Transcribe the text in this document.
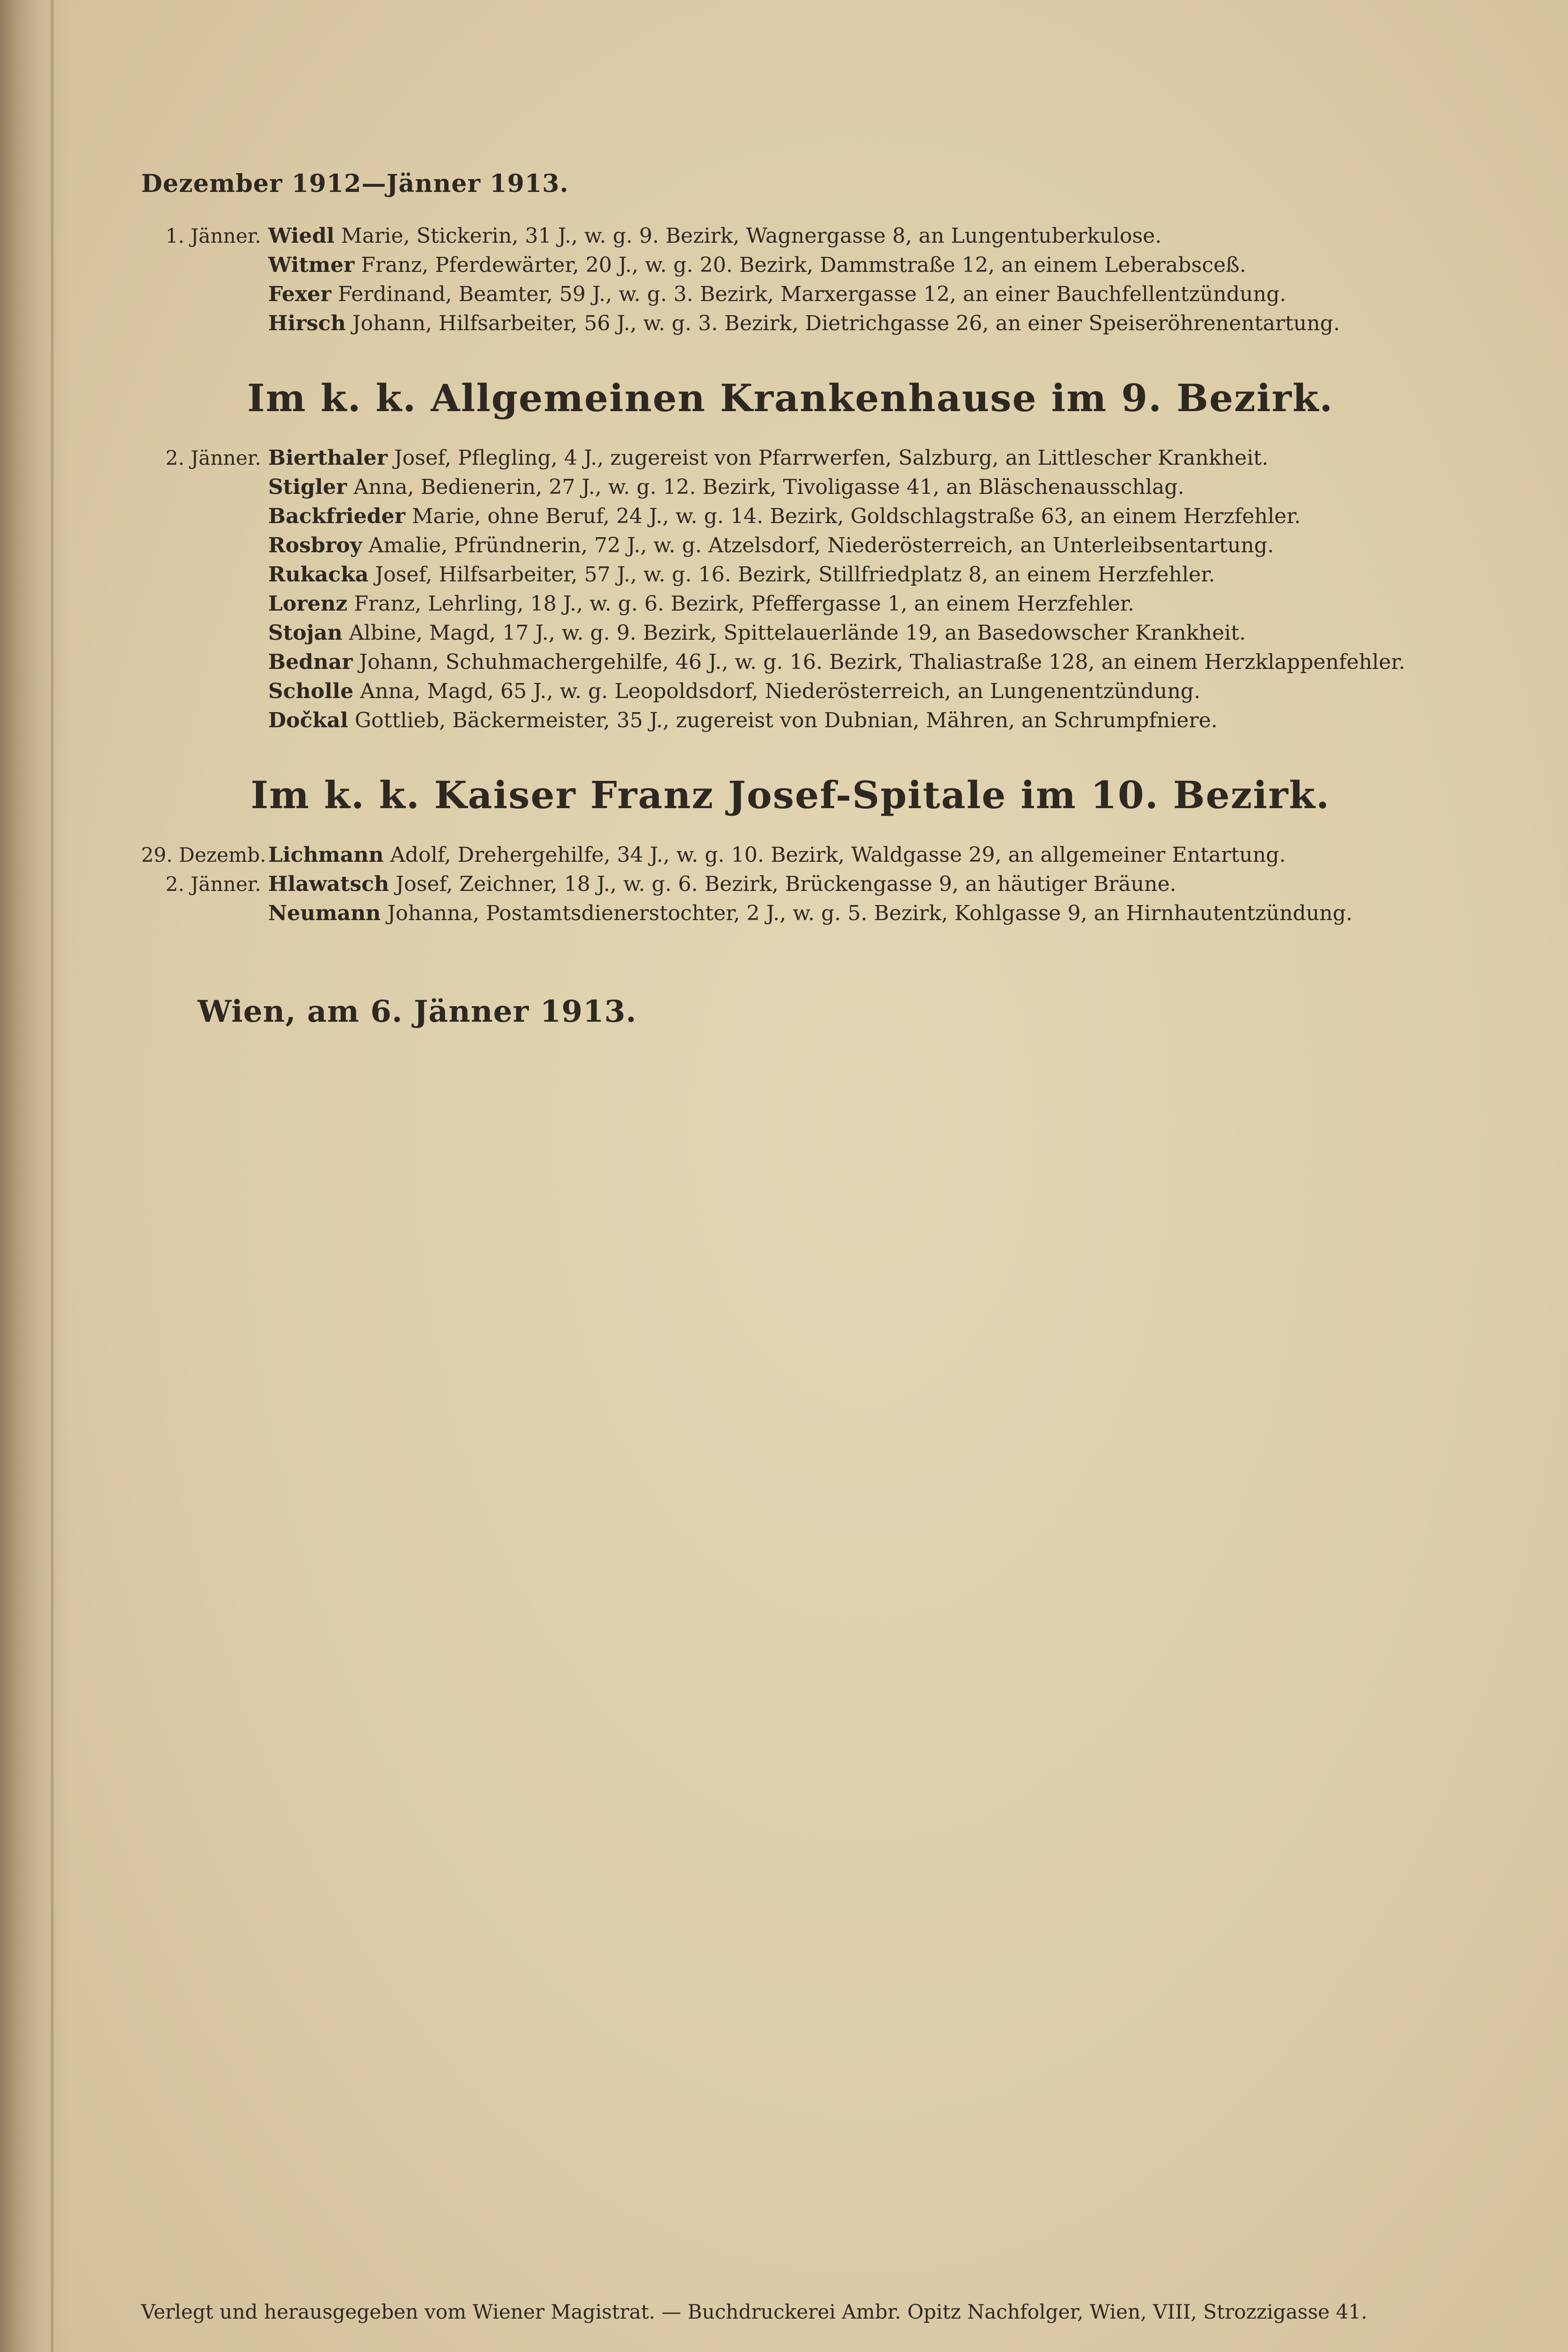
Dezember 1912—Jänner 1913.
1. Jänner. Wiedl Marie, Stickerin, 31 J., w. g. 9. Bezirk, Wagnergasse 8, an Lungentuberkulose.
Witmer Franz, Pferdewärter, 20 J., w. g. 20. Bezirk, Dammstraße 12, an einem Leberabsceß.
Fexer Ferdinand, Beamter, 59 J., w. g. 3. Bezirk, Marxergasse 12, an einer Bauchfellentzündung.
Hirsch Johann, Hilfsarbeiter, 56 J., w. g. 3. Bezirk, Dietrichgasse 26, an einer Speiseröhrenentartung.
Im k. k. Allgemeinen Krankenhause im 9. Bezirk.
2. Jänner. Bierthaler Josef, Pflegling, 4 J., zugereist von Pfarrwerfen, Salzburg, an Littlescher Krankheit.
Stigler Anna, Bedienerin, 27 J., w. g. 12. Bezirk, Tivoligasse 41, an Bläschenausschlag.
Backfrieder Marie, ohne Beruf, 24 J., w. g. 14. Bezirk, Goldschlagstraße 63, an einem Herzfehler.
Rosbroy Amalie, Pfründnerin, 72 J., w. g. Atzelsdorf, Niederösterreich, an Unterleibsentartung.
Rukacka Josef, Hilfsarbeiter, 57 J., w. g. 16. Bezirk, Stillfriedplatz 8, an einem Herzfehler.
Lorenz Franz, Lehrling, 18 J., w. g. 6. Bezirk, Pfeffergasse 1, an einem Herzfehler.
Stojan Albine, Magd, 17 J., w. g. 9. Bezirk, Spittelauerlände 19, an Basedowscher Krankheit.
Bednar Johann, Schuhmachergehilfe, 46 J., w. g. 16. Bezirk, Thaliastraße 128, an einem Herzklappenfehler.
Scholle Anna, Magd, 65 J., w. g. Leopoldsdorf, Niederösterreich, an Lungenentzündung.
Dočkal Gottlieb, Bäckermeister, 35 J., zugereist von Dubnian, Mähren, an Schrumpfniere.
Im k. k. Kaiser Franz Josef-Spitale im 10. Bezirk.
29. Dezemb. Lichmann Adolf, Drehergehilfe, 34 J., w. g. 10. Bezirk, Waldgasse 29, an allgemeiner Entartung.
2. Jänner. Hlawatsch Josef, Zeichner, 18 J., w. g. 6. Bezirk, Brückengasse 9, an häutiger Bräune.
Neumann Johanna, Postamtsdienerstochter, 2 J., w. g. 5. Bezirk, Kohlgasse 9, an Hirnhautentzündung.
Wien, am 6. Jänner 1913.
Verlegt und herausgegeben vom Wiener Magistrat. — Buchdruckerei Ambr. Opitz Nachfolger, Wien, VIII, Strozzigasse 41.
